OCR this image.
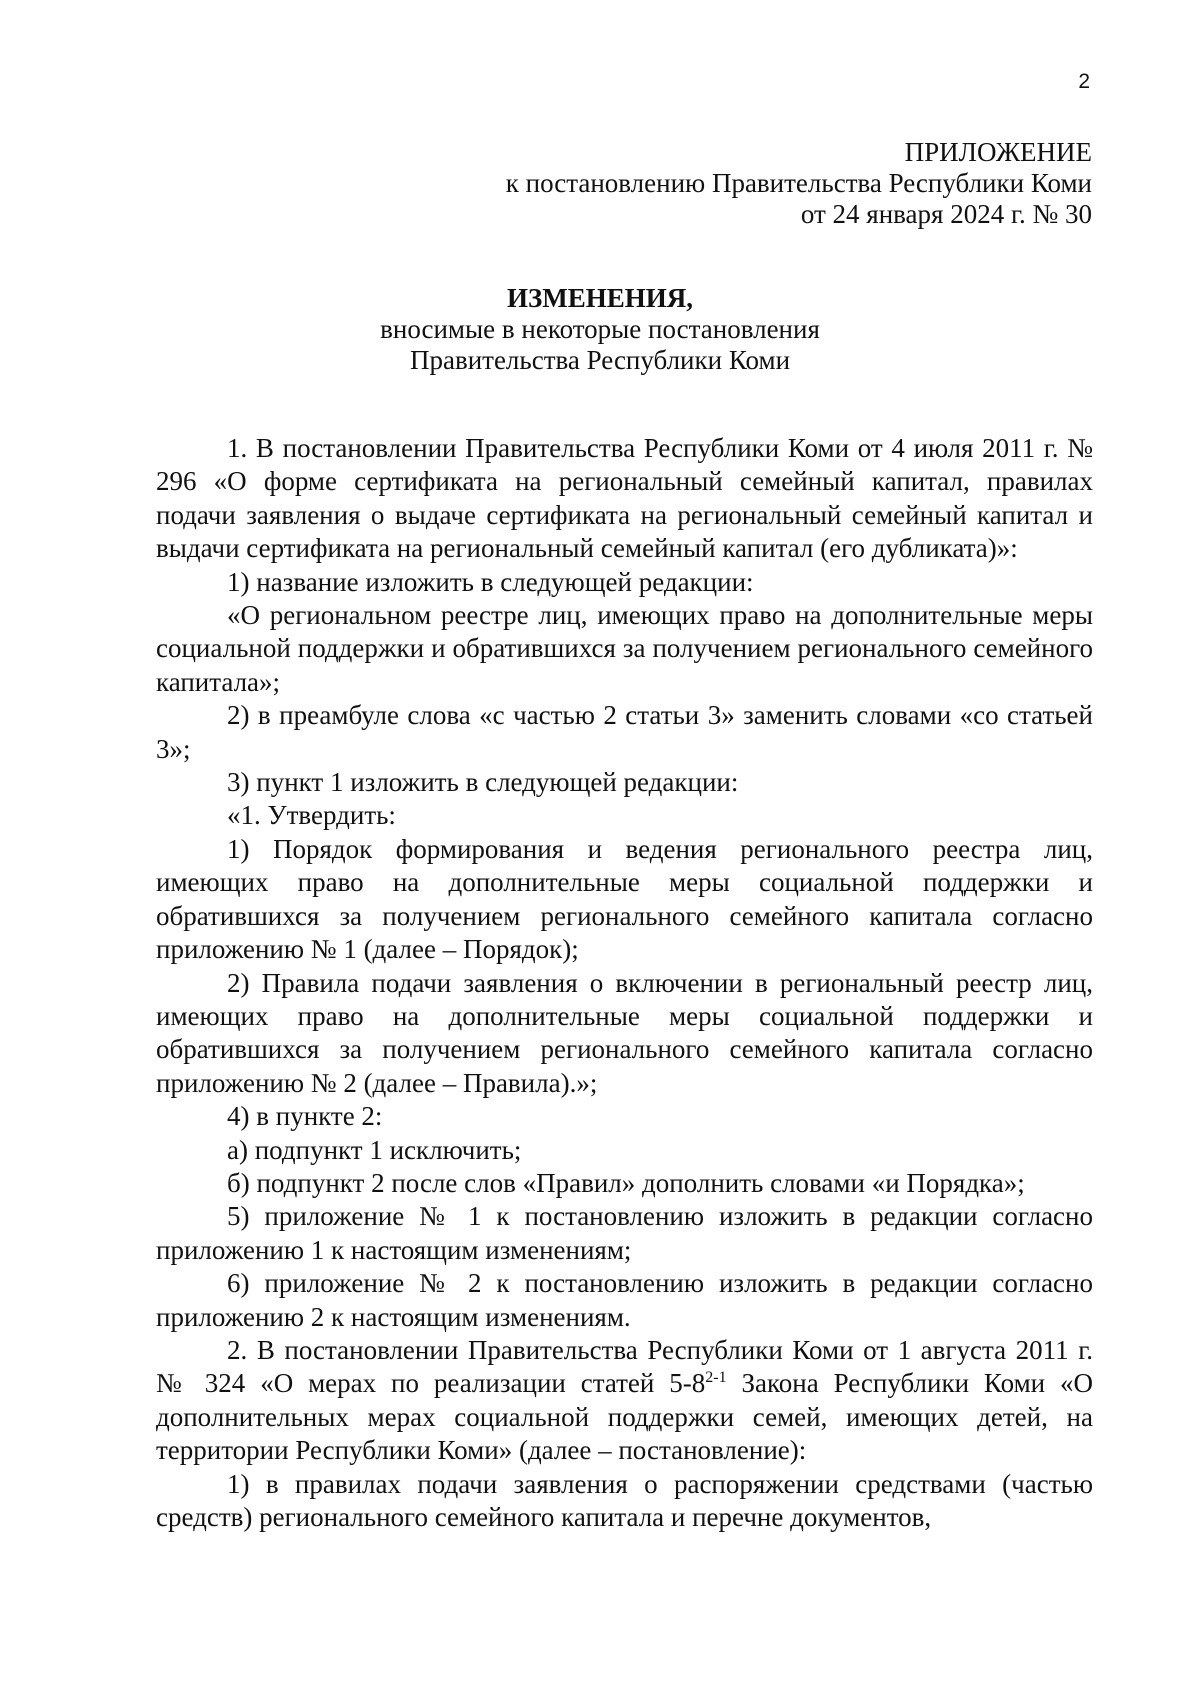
2
ПРИЛОЖЕНИЕ
к постановлению Правительства Республики Коми
от 24 января 2024 г. № 30
ИЗМЕНЕНИЯ,
вносимые в некоторые постановления
Правительства Республики Коми

1. В постановлении Правительства Республики Коми от 4 июля 2011 г. № 296 «О форме сертификата на региональный семейный капитал, правилах подачи заявления о выдаче сертификата на региональный семейный капитал и выдачи сертификата на региональный семейный капитал (его дубликата)»:

1) название изложить в следующей редакции:

«О региональном реестре лиц, имеющих право на дополнительные меры социальной поддержки и обратившихся за получением регионального семейного капитала»;

2) в преамбуле слова «с частью 2 статьи 3» заменить словами «со статьей 3»;

3) пункт 1 изложить в следующей редакции:

«1. Утвердить:

1) Порядок формирования и ведения регионального реестра лиц, имеющих право на дополнительные меры социальной поддержки и обратившихся за получением регионального семейного капитала согласно приложению № 1 (далее – Порядок);

2) Правила подачи заявления о включении в региональный реестр лиц, имеющих право на дополнительные меры социальной поддержки и обратившихся за получением регионального семейного капитала согласно приложению № 2 (далее – Правила).»;

4) в пункте 2:

а) подпункт 1 исключить;

б) подпункт 2 после слов «Правил» дополнить словами «и Порядка»;

5) приложение № 1 к постановлению изложить в редакции согласно приложению 1 к настоящим изменениям;

6) приложение № 2 к постановлению изложить в редакции согласно приложению 2 к настоящим изменениям.

2. В постановлении Правительства Республики Коми от 1 августа 2011 г. № 324 «О мерах по реализации статей 5-8$^{2-1}$ Закона Республики Коми «О дополнительных мерах социальной поддержки семей, имеющих детей, на территории Республики Коми» (далее – постановление):

1) в правилах подачи заявления о распоряжении средствами (частью средств) регионального семейного капитала и перечне документов,
